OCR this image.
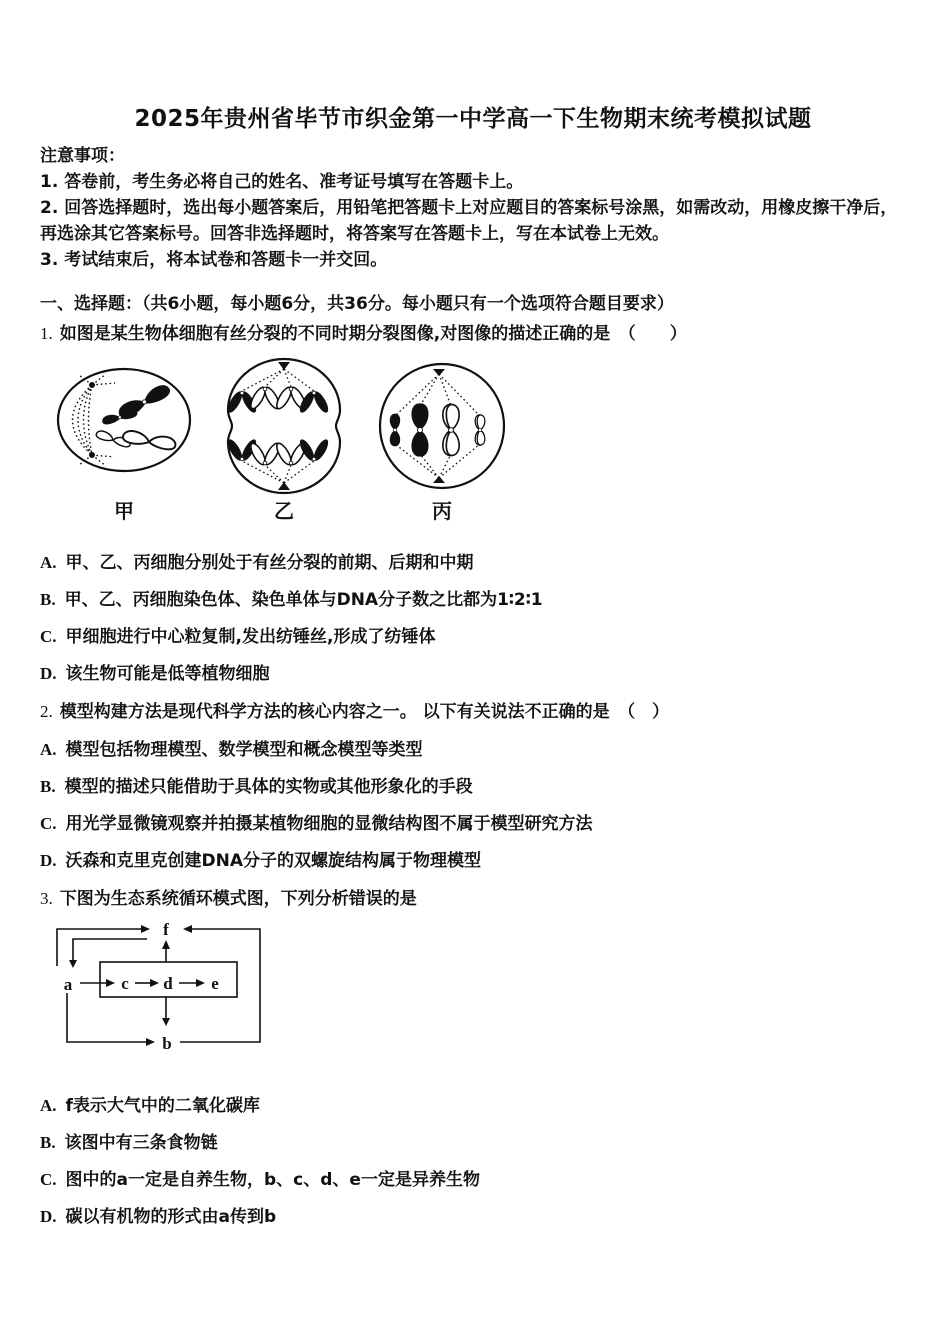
2025年贵州省毕节市织金第一中学高一下生物期末统考模拟试题
注意事项：
1. 答卷前，考生务必将自己的姓名、准考证号填写在答题卡上。
2. 回答选择题时，选出每小题答案后，用铅笔把答题卡上对应题目的答案标号涂黑，如需改动，用橡皮擦干净后，再选涂其它答案标号。回答非选择题时，将答案写在答题卡上，写在本试卷上无效。
3. 考试结束后，将本试卷和答题卡一并交回。
一、选择题：（共6小题，每小题6分，共36分。每小题只有一个选项符合题目要求）
1. 如图是某生物体细胞有丝分裂的不同时期分裂图像,对图像的描述正确的是　（　　）
甲	乙	丙
A. 甲、乙、丙细胞分别处于有丝分裂的前期、后期和中期
B. 甲、乙、丙细胞染色体、染色单体与DNA分子数之比都为1∶2∶1
C. 甲细胞进行中心粒复制,发出纺锤丝,形成了纺锤体
D. 该生物可能是低等植物细胞
2. 模型构建方法是现代科学方法的核心内容之一。 以下有关说法不正确的是　（　）
A. 模型包括物理模型、数学模型和概念模型等类型
B. 模型的描述只能借助于具体的实物或其他形象化的手段
C. 用光学显微镜观察并拍摄某植物细胞的显微结构图不属于模型研究方法
D. 沃森和克里克创建DNA分子的双螺旋结构属于物理模型
3. 下图为生态系统循环模式图，下列分析错误的是
a
b
c d e
f
A. f表示大气中的二氧化碳库
B. 该图中有三条食物链
C. 图中的a一定是自养生物，b、c、d、e一定是异养生物
D. 碳以有机物的形式由a传到b
